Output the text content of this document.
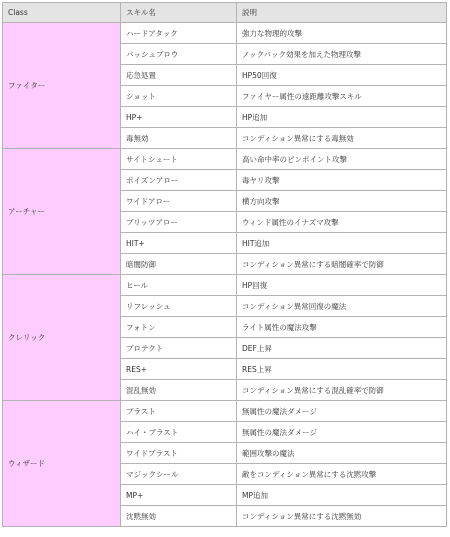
Class	スキル名	説明
ファイター	ハードアタック	強力な物理的攻撃
	バッシュブロウ	ノックバック効果を加えた物理攻撃
	応急処置	HP50回復
	ショット	ファイヤー属性の遠距離攻撃スキル
	HP+	HP追加
	毒無効	コンディション異常にする毒無効
アーチャー	サイトシュート	高い命中率のピンポイント攻撃
	ポイズンアロー	毒ヤリ攻撃
	ワイドアロー	横方向攻撃
	ブリッツアロー	ウィンド属性のイナズマ攻撃
	HIT+	HIT追加
	暗闇防御	コンディション異常にする暗闇確率で防御
クレリック	ヒール	HP回復
	リフレッシュ	コンディション異常回復の魔法
	フォトン	ライト属性の魔法攻撃
	プロテクト	DEF上昇
	RES+	RES上昇
	混乱無効	コンディション異常にする混乱確率で防御
ウィザード	ブラスト	無属性の魔法ダメージ
	ハイ・ブラスト	無属性の魔法ダメージ
	ワイドブラスト	範囲攻撃の魔法
	マジックシール	敵をコンディション異常にする沈黙攻撃
	MP+	MP追加
	沈黙無効	コンディション異常にする沈黙無効
